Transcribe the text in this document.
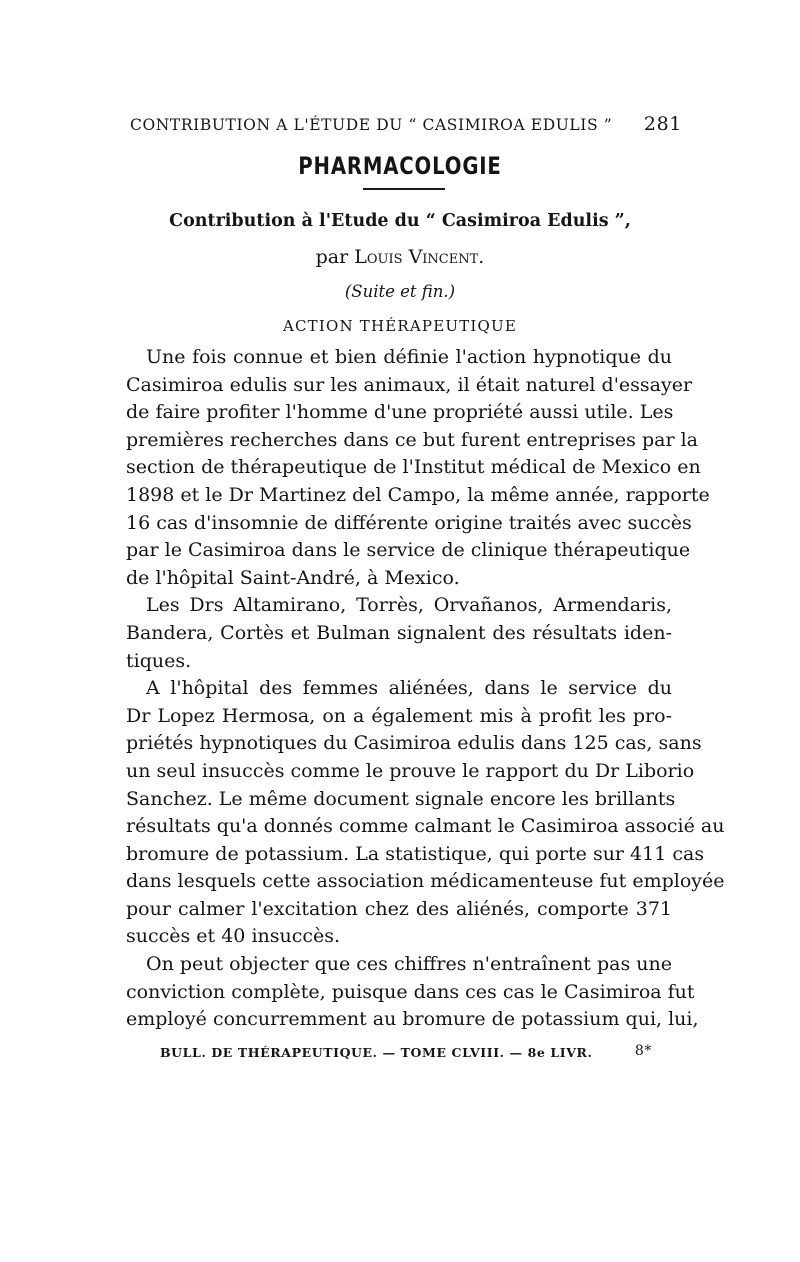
CONTRIBUTION A L'ÉTUDE DU “ CASIMIROA EDULIS ” 281
PHARMACOLOGIE
Contribution à l'Etude du “ Casimiroa Edulis ”,
par Louis Vincent.
(Suite et fin.)
ACTION THÉRAPEUTIQUE
Une fois connue et bien définie l'action hypnotique du
Casimiroa edulis sur les animaux, il était naturel d'essayer
de faire profiter l'homme d'une propriété aussi utile. Les
premières recherches dans ce but furent entreprises par la
section de thérapeutique de l'Institut médical de Mexico en
1898 et le Dr Martinez del Campo, la même année, rapporte
16 cas d'insomnie de différente origine traités avec succès
par le Casimiroa dans le service de clinique thérapeutique
de l'hôpital Saint-André, à Mexico.
Les Drs Altamirano, Torrès, Orvañanos, Armendaris,
Bandera, Cortès et Bulman signalent des résultats iden-
tiques.
A l'hôpital des femmes aliénées, dans le service du
Dr Lopez Hermosa, on a également mis à profit les pro-
priétés hypnotiques du Casimiroa edulis dans 125 cas, sans
un seul insuccès comme le prouve le rapport du Dr Liborio
Sanchez. Le même document signale encore les brillants
résultats qu'a donnés comme calmant le Casimiroa associé au
bromure de potassium. La statistique, qui porte sur 411 cas
dans lesquels cette association médicamenteuse fut employée
pour calmer l'excitation chez des aliénés, comporte 371
succès et 40 insuccès.
On peut objecter que ces chiffres n'entraînent pas une
conviction complète, puisque dans ces cas le Casimiroa fut
employé concurremment au bromure de potassium qui, lui,
BULL. DE THÉRAPEUTIQUE. — TOME CLVIII. — 8e LIVR.	8*
